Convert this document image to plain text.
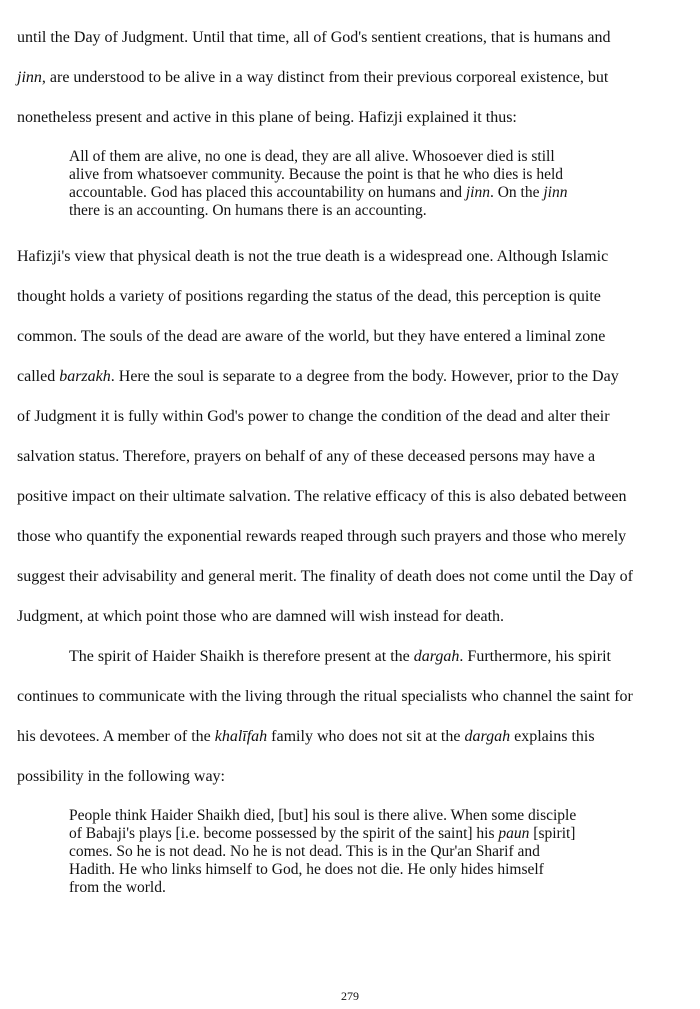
until the Day of Judgment. Until that time, all of God's sentient creations, that is humans and
jinn, are understood to be alive in a way distinct from their previous corporeal existence, but
nonetheless present and active in this plane of being. Hafizji explained it thus:
All of them are alive, no one is dead, they are all alive. Whosoever died is still
alive from whatsoever community. Because the point is that he who dies is held
accountable. God has placed this accountability on humans and jinn. On the jinn
there is an accounting. On humans there is an accounting.
Hafizji's view that physical death is not the true death is a widespread one. Although Islamic
thought holds a variety of positions regarding the status of the dead, this perception is quite
common. The souls of the dead are aware of the world, but they have entered a liminal zone
called barzakh. Here the soul is separate to a degree from the body. However, prior to the Day
of Judgment it is fully within God's power to change the condition of the dead and alter their
salvation status. Therefore, prayers on behalf of any of these deceased persons may have a
positive impact on their ultimate salvation. The relative efficacy of this is also debated between
those who quantify the exponential rewards reaped through such prayers and those who merely
suggest their advisability and general merit. The finality of death does not come until the Day of
Judgment, at which point those who are damned will wish instead for death.
The spirit of Haider Shaikh is therefore present at the dargah. Furthermore, his spirit
continues to communicate with the living through the ritual specialists who channel the saint for
his devotees. A member of the khalīfah family who does not sit at the dargah explains this
possibility in the following way:
People think Haider Shaikh died, [but] his soul is there alive. When some disciple
of Babaji's plays [i.e. become possessed by the spirit of the saint] his paun [spirit]
comes. So he is not dead. No he is not dead. This is in the Qur'an Sharif and
Hadith. He who links himself to God, he does not die. He only hides himself
from the world.
279
